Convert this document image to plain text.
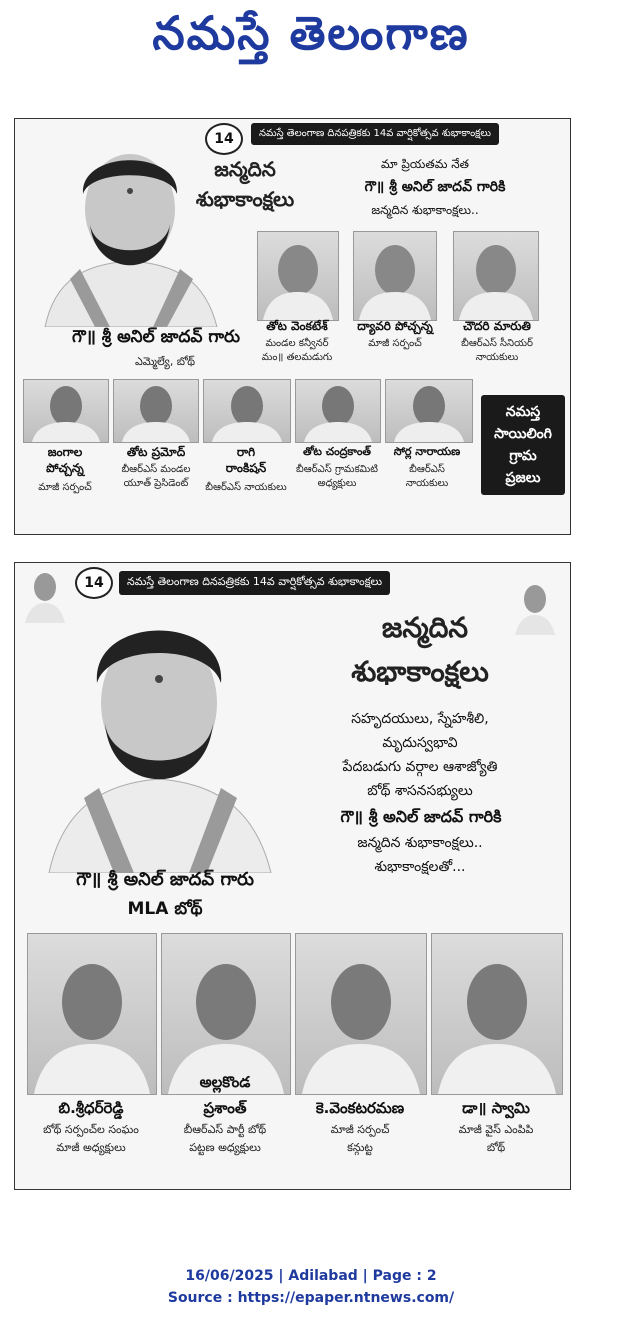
నమస్తే తెలంగాణ
14	నమస్తే తెలంగాణ దినపత్రికకు 14వ వార్షికోత్సవ శుభాకాంక్షలు
గౌ॥ శ్రీ అనిల్ జాదవ్ గారు
ఎమ్మెల్యే, బోథ్
జన్మదిన
శుభాకాంక్షలు
మా ప్రియతమ నేత
గౌ॥ శ్రీ అనిల్ జాదవ్ గారికి
జన్మదిన శుభాకాంక్షలు..
తోట వెంకటేశ్
మండల కన్వీనర్
మం॥ తలమడుగు
ద్యావరి పోచ్చన్న
మాజీ సర్పంచ్
చౌదరి మారుతి
బీఆర్ఎస్ సీనియర్
నాయకులు
జంగాల
పోచ్చన్న
మాజీ సర్పంచ్
తోట ప్రమోద్
బీఆర్ఎస్ మండల
యూత్ ప్రెసిడెంట్
రాగి
రాంకిషన్
బీఆర్ఎస్ నాయకులు
తోట చంద్రకాంత్
బీఆర్ఎస్ గ్రామకమిటి
అధ్యక్షులు
సోర్ల నారాయణ
బీఆర్ఎస్
నాయకులు
నమస్త
సాయిలింగి
గ్రామ
ప్రజలు
14	నమస్తే తెలంగాణ దినపత్రికకు 14వ వార్షికోత్సవ శుభాకాంక్షలు
గౌ॥ శ్రీ అనిల్ జాదవ్ గారు
MLA బోథ్
జన్మదిన
శుభాకాంక్షలు
సహృదయులు, స్నేహశీలి,
మృదుస్వభావి
పేదబడుగు వర్గాల ఆశాజ్యోతి
బోథ్ శాసనసభ్యులు
గౌ॥ శ్రీ అనిల్ జాదవ్ గారికి
జన్మదిన శుభాకాంక్షలు..
శుభాకాంక్షలతో...
బి.శ్రీధర్‌రెడ్డి
బోథ్ సర్పంచ్‌ల సంఘం
మాజీ అధ్యక్షులు
అల్లకొండ
ప్రశాంత్
బీఆర్ఎస్ పార్టీ బోథ్
పట్టణ అధ్యక్షులు
కె.వెంకటరమణ
మాజీ సర్పంచ్
కన్గుట్ట
డా॥ స్వామి
మాజీ వైస్ ఎంపిపి
బోథ్
16/06/2025 | Adilabad | Page : 2
Source : https://epaper.ntnews.com/
